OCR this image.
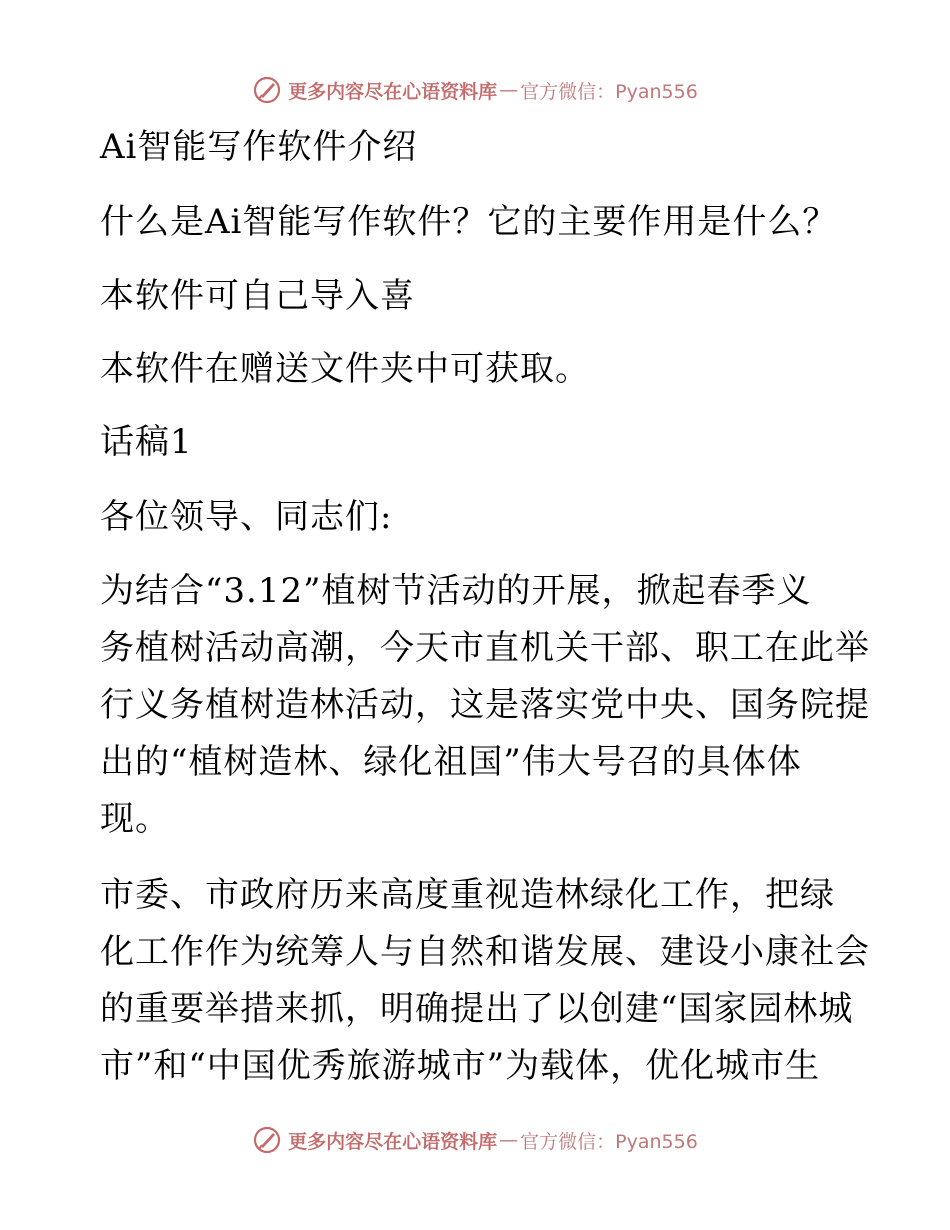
更多内容尽在心语资料库 — 官方微信：Pyan556
Ai智能写作软件介绍
什么是Ai智能写作软件？它的主要作用是什么？
本软件可自己导入喜
本软件在赠送文件夹中可获取。
话稿1
各位领导、同志们:
为结合“3.12”植树节活动的开展，掀起春季义
务植树活动高潮，今天市直机关干部、职工在此举
行义务植树造林活动，这是落实党中央、国务院提
出的“植树造林、绿化祖国”伟大号召的具体体
现。
市委、市政府历来高度重视造林绿化工作，把绿
化工作作为统筹人与自然和谐发展、建设小康社会
的重要举措来抓，明确提出了以创建“国家园林城
市”和“中国优秀旅游城市”为载体，优化城市生
更多内容尽在心语资料库 — 官方微信：Pyan556
